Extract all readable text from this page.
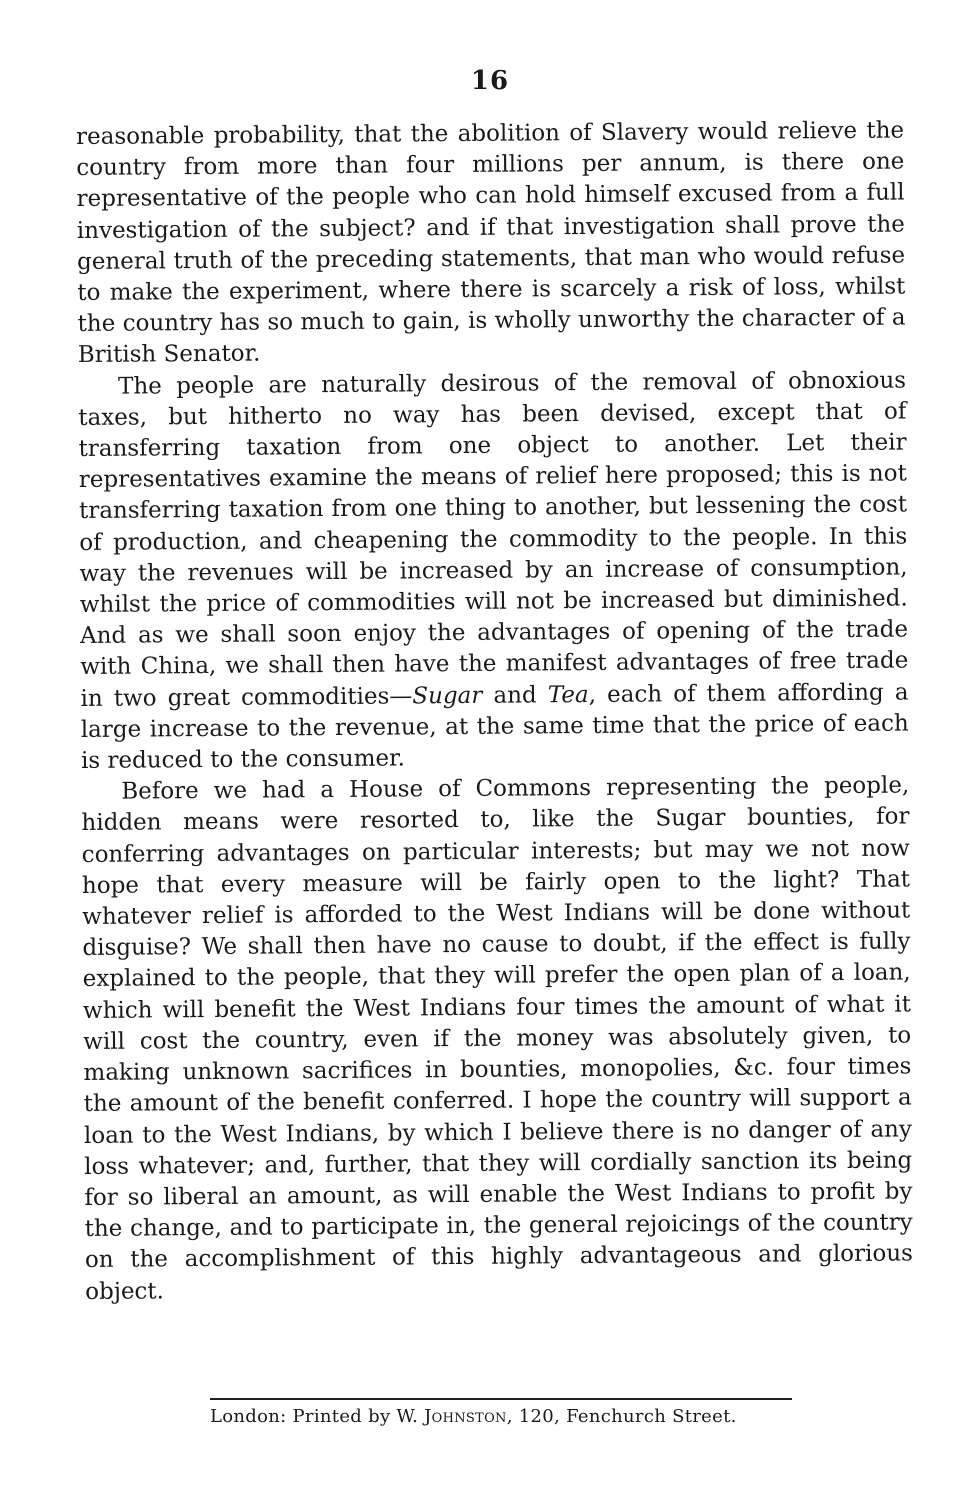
16

reasonable probability, that the abolition of Slavery would relieve the country from more than four millions per annum, is there one representative of the people who can hold himself excused from a full investigation of the subject? and if that investigation shall prove the general truth of the preceding statements, that man who would refuse to make the experiment, where there is scarcely a risk of loss, whilst the country has so much to gain, is wholly unworthy the character of a British Senator.

The people are naturally desirous of the removal of obnoxious taxes, but hitherto no way has been devised, except that of transferring taxation from one object to another. Let their representatives examine the means of relief here proposed; this is not transferring taxation from one thing to another, but lessening the cost of production, and cheapening the commodity to the people. In this way the revenues will be increased by an increase of consumption, whilst the price of commodities will not be increased but diminished. And as we shall soon enjoy the advantages of opening of the trade with China, we shall then have the manifest advantages of free trade in two great commodities—Sugar and Tea, each of them affording a large increase to the revenue, at the same time that the price of each is reduced to the consumer.

Before we had a House of Commons representing the people, hidden means were resorted to, like the Sugar bounties, for conferring advantages on particular interests; but may we not now hope that every measure will be fairly open to the light? That whatever relief is afforded to the West Indians will be done without disguise? We shall then have no cause to doubt, if the effect is fully explained to the people, that they will prefer the open plan of a loan, which will benefit the West Indians four times the amount of what it will cost the country, even if the money was absolutely given, to making unknown sacrifices in bounties, monopolies, &c. four times the amount of the benefit conferred. I hope the country will support a loan to the West Indians, by which I believe there is no danger of any loss whatever; and, further, that they will cordially sanction its being for so liberal an amount, as will enable the West Indians to profit by the change, and to participate in, the general rejoicings of the country on the accomplishment of this highly advantageous and glorious object.

London: Printed by W. Johnston, 120, Fenchurch Street.
